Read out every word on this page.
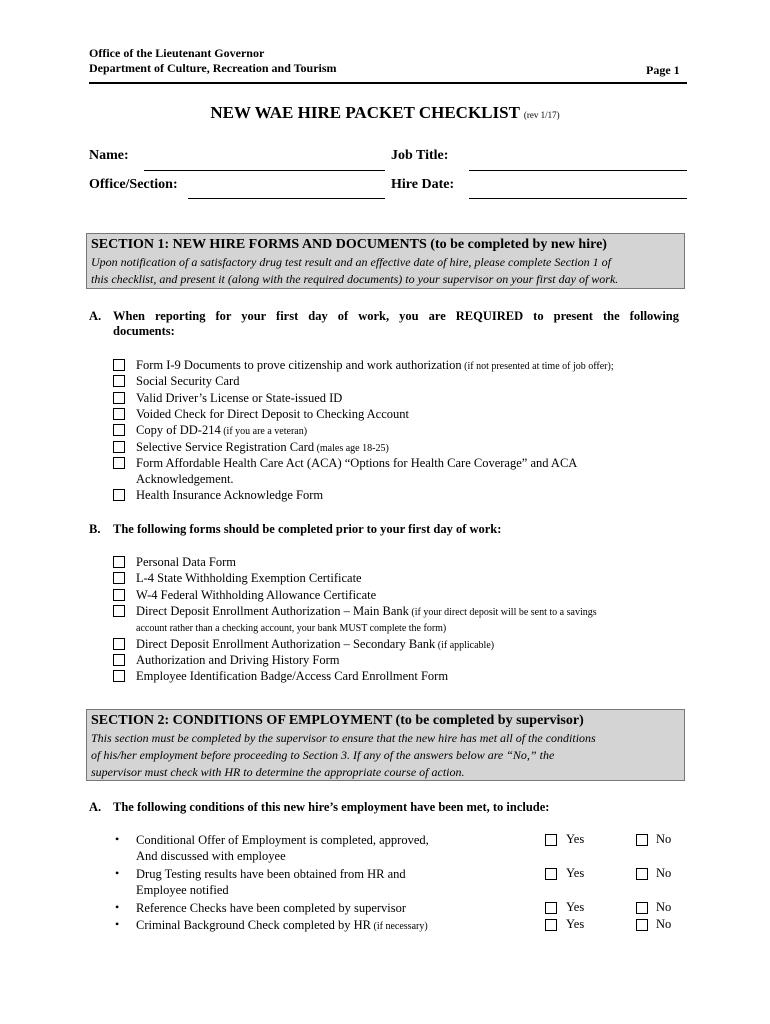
Office of the Lieutenant Governor
Department of Culture, Recreation and Tourism	Page 1
NEW WAE HIRE PACKET CHECKLIST (rev 1/17)
Name:	Job Title:
Office/Section:	Hire Date:
SECTION 1: NEW HIRE FORMS AND DOCUMENTS (to be completed by new hire)
Upon notification of a satisfactory drug test result and an effective date of hire, please complete Section 1 of
this checklist, and present it (along with the required documents) to your supervisor on your first day of work.
A. When reporting for your first day of work, you are REQUIRED to present the following
documents:
Form I-9 Documents to prove citizenship and work authorization (if not presented at time of job offer);
Social Security Card
Valid Driver’s License or State-issued ID
Voided Check for Direct Deposit to Checking Account
Copy of DD-214 (if you are a veteran)
Selective Service Registration Card (males age 18-25)
Form Affordable Health Care Act (ACA) “Options for Health Care Coverage” and ACA
Acknowledgement.
Health Insurance Acknowledge Form
B. The following forms should be completed prior to your first day of work:
Personal Data Form
L-4 State Withholding Exemption Certificate
W-4 Federal Withholding Allowance Certificate
Direct Deposit Enrollment Authorization – Main Bank (if your direct deposit will be sent to a savings
account rather than a checking account, your bank MUST complete the form)
Direct Deposit Enrollment Authorization – Secondary Bank (if applicable)
Authorization and Driving History Form
Employee Identification Badge/Access Card Enrollment Form
SECTION 2: CONDITIONS OF EMPLOYMENT (to be completed by supervisor)
This section must be completed by the supervisor to ensure that the new hire has met all of the conditions
of his/her employment before proceeding to Section 3. If any of the answers below are “No,” the
supervisor must check with HR to determine the appropriate course of action.
A. The following conditions of this new hire’s employment have been met, to include:
• Conditional Offer of Employment is completed, approved,
And discussed with employee
Yes	No
• Drug Testing results have been obtained from HR and
Employee notified
Yes	No
• Reference Checks have been completed by supervisor	Yes	No
• Criminal Background Check completed by HR (if necessary)	Yes	No
